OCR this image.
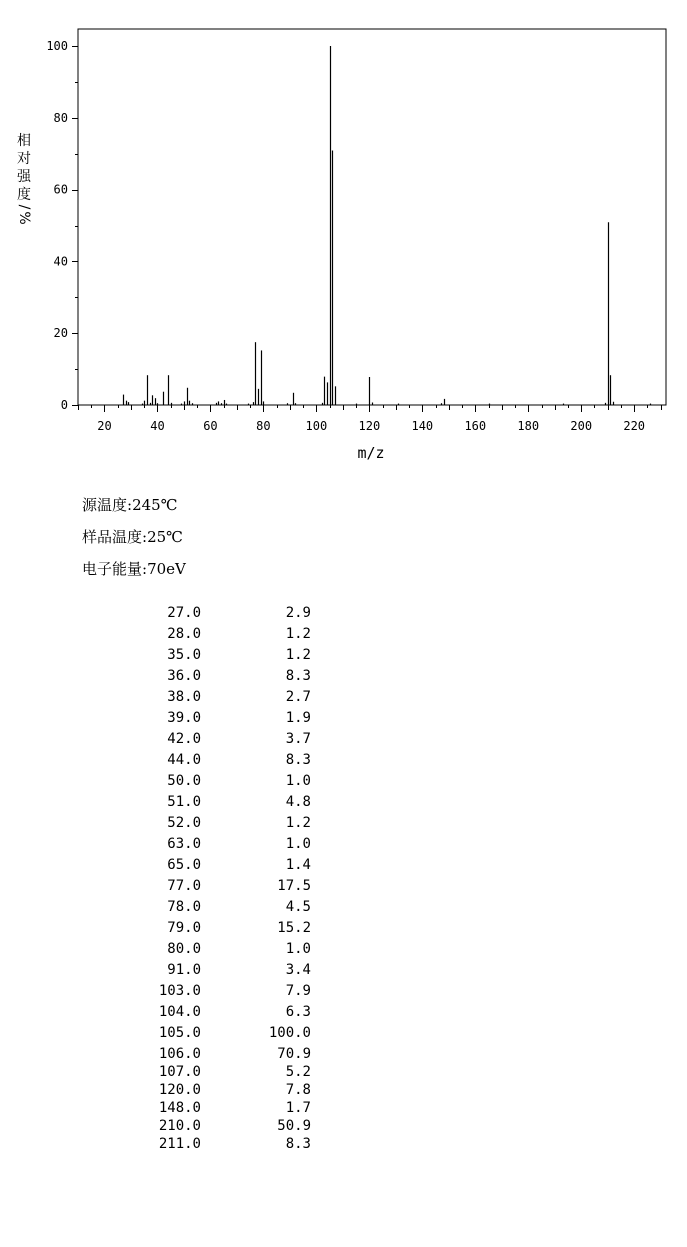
0
20
40
60
80
100
20	40	60	80	100	120	140	160	180	200	220
m/z
相
对
强
度
/
%
源温度:245℃
样品温度:25℃
电子能量:70eV
27.0	2.9
28.0	1.2
35.0	1.2
36.0	8.3
38.0	2.7
39.0	1.9
42.0	3.7
44.0	8.3
50.0	1.0
51.0	4.8
52.0	1.2
63.0	1.0
65.0	1.4
77.0	17.5
78.0	4.5
79.0	15.2
80.0	1.0
91.0	3.4
103.0	7.9
104.0	6.3
105.0	100.0
106.0	70.9
107.0	5.2
120.0	7.8
148.0	1.7
210.0	50.9
211.0	8.3
